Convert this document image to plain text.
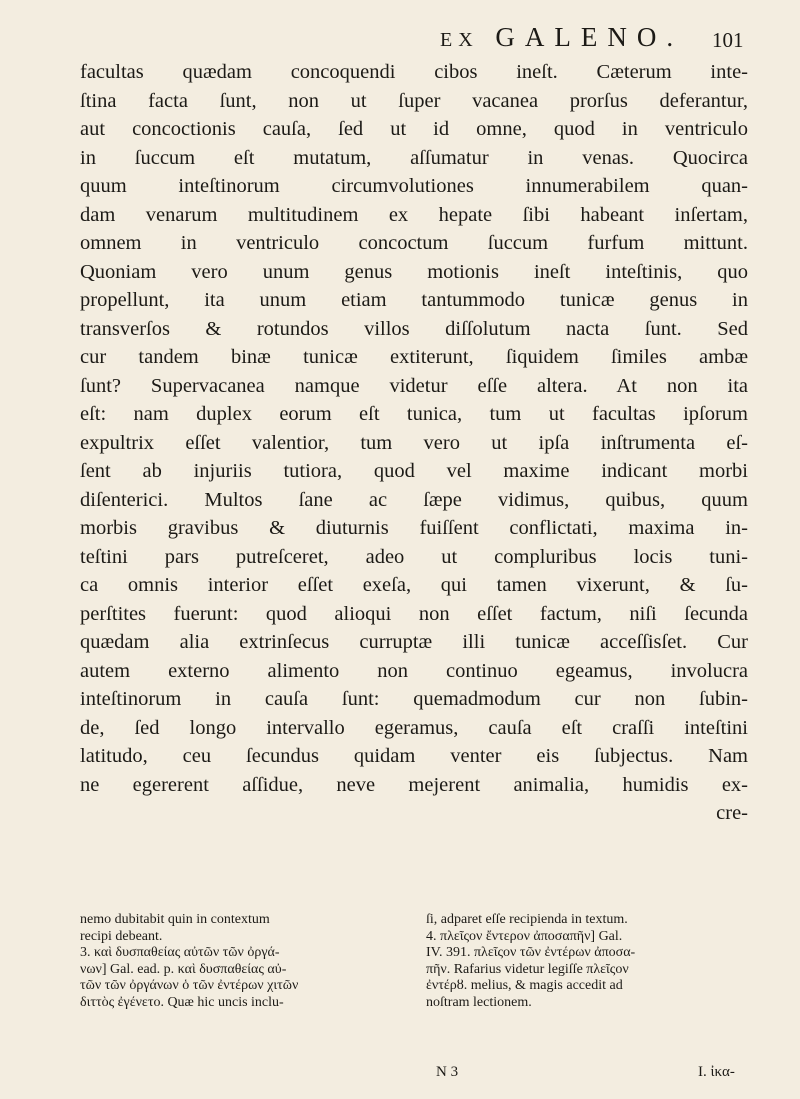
EX GALENO. 101
facultas quædam concoquendi cibos ineſt. Cæterum inte-
ſtina facta ſunt, non ut ſuper vacanea prorſus deferantur,
aut concoctionis cauſa, ſed ut id omne, quod in ventriculo
in ſuccum eſt mutatum, aſſumatur in venas. Quocirca
quum inteſtinorum circumvolutiones innumerabilem quan-
dam venarum multitudinem ex hepate ſibi habeant inſertam,
omnem in ventriculo concoctum ſuccum furfum mittunt.
Quoniam vero unum genus motionis ineſt inteſtinis, quo
propellunt, ita unum etiam tantummodo tunicæ genus in
transverſos & rotundos villos diſſolutum nacta ſunt. Sed
cur tandem binæ tunicæ extiterunt, ſiquidem ſimiles ambæ
ſunt? Supervacanea namque videtur eſſe altera. At non ita
eſt: nam duplex eorum eſt tunica, tum ut facultas ipſorum
expultrix eſſet valentior, tum vero ut ipſa inſtrumenta eſ-
ſent ab injuriis tutiora, quod vel maxime indicant morbi
diſenterici. Multos ſane ac ſæpe vidimus, quibus, quum
morbis gravibus & diuturnis fuiſſent conflictati, maxima in-
teſtini pars putreſceret, adeo ut compluribus locis tuni-
ca omnis interior eſſet exeſa, qui tamen vixerunt, & ſu-
perſtites fuerunt: quod alioqui non eſſet factum, niſi ſecunda
quædam alia extrinſecus curruptæ illi tunicæ acceſſisſet. Cur
autem externo alimento non continuo egeamus, involucra
inteſtinorum in cauſa ſunt: quemadmodum cur non ſubin-
de, ſed longo intervallo egeramus, cauſa eſt craſſi inteſtini
latitudo, ceu ſecundus quidam venter eis ſubjectus. Nam
ne egererent aſſidue, neve mejerent animalia, humidis ex-
cre-
nemo dubitabit quin in contextum
recipi debeant.
3. καὶ δυσπαθείας αὐτῶν τῶν ὀργά-
νων] Gal. ead. p. καὶ δυσπαθείας αὐ-
τῶν τῶν ὀργάνων ὁ τῶν ἐντέρων χιτῶν
διττὸς ἐγένετο. Quæ hic uncis inclu-
ſi, adparet eſſe recipienda in textum.
4. πλεῖςον ἔντερον ἀποσαπῆν] Gal.
IV. 391. πλεῖςον τῶν ἐντέρων ἀποσα-
πῆν. Rafarius videtur legiſſe πλεῖςον
ἐντέρȣ. melius, & magis accedit ad
noſtram lectionem.
N 3	I. ἰκα-
